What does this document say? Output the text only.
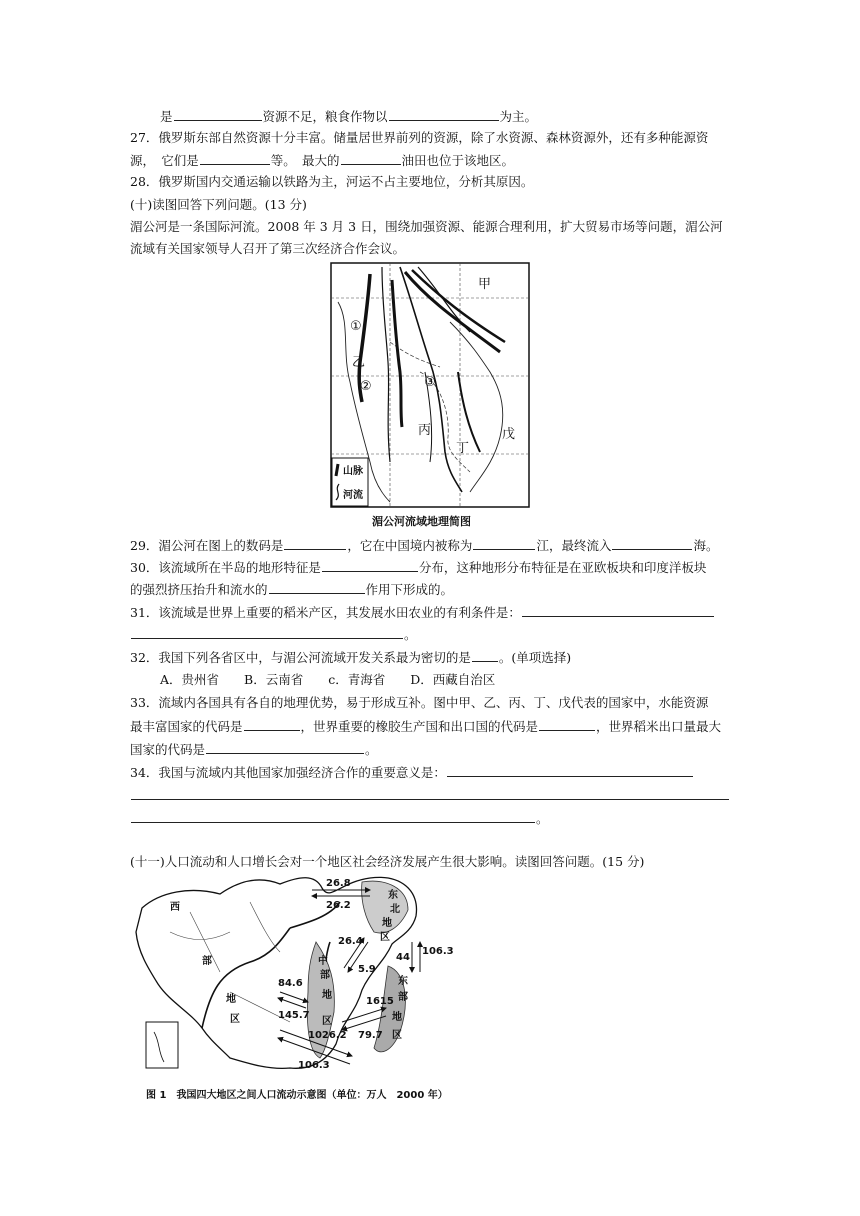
是	资源不足，粮食作物以	为主。
27．俄罗斯东部自然资源十分丰富。储量居世界前列的资源，除了水资源、森林资源外，还有多种能源资
源，　它们是	等。　最大的	油田也位于该地区。
28．俄罗斯国内交通运输以铁路为主，河运不占主要地位，分析其原因。
(十)读图回答下列问题。(13 分)
湄公河是一条国际河流。2008 年 3 月 3 日，围绕加强资源、能源合理利用，扩大贸易市场等问题，湄公河
流域有关国家领导人召开了第三次经济合作会议。
甲
①
乙
②	③
丙
丁
戊
山脉
河流
湄公河流域地理简图
29．湄公河在图上的数码是	，它在中国境内被称为	江，最终流入	海。
30．该流域所在半岛的地形特征是	分布，这种地形分布特征是在亚欧板块和印度洋板块
的强烈挤压抬升和流水的	作用下形成的。
31．该流域是世界上重要的稻米产区，其发展水田农业的有利条件是：
。
32．我国下列各省区中，与湄公河流域开发关系最为密切的是 。(单项选择)
A．贵州省　　B．云南省　　c．青海省　　D．西藏自治区
33．流域内各国具有各自的地理优势，易于形成互补。图中甲、乙、丙、丁、戊代表的国家中，水能资源
最丰富国家的代码是	，世界重要的橡胶生产国和出口国的代码是	，世界稻米出口量最大
国家的代码是	。
34．我国与流域内其他国家加强经济合作的重要意义是：
。
(十一)人口流动和人口增长会对一个地区社会经济发展产生很大影响。读图回答问题。(15 分)
西
部
地
区
东
北
地
区
中
部
地
区
东
部
地
区
26.8
26.2
84.6
145.7
26.4
5.9
106.3
44
1615
79.7
1026.2
106.3
图 1　我国四大地区之间人口流动示意图（单位：万人　2000 年）
